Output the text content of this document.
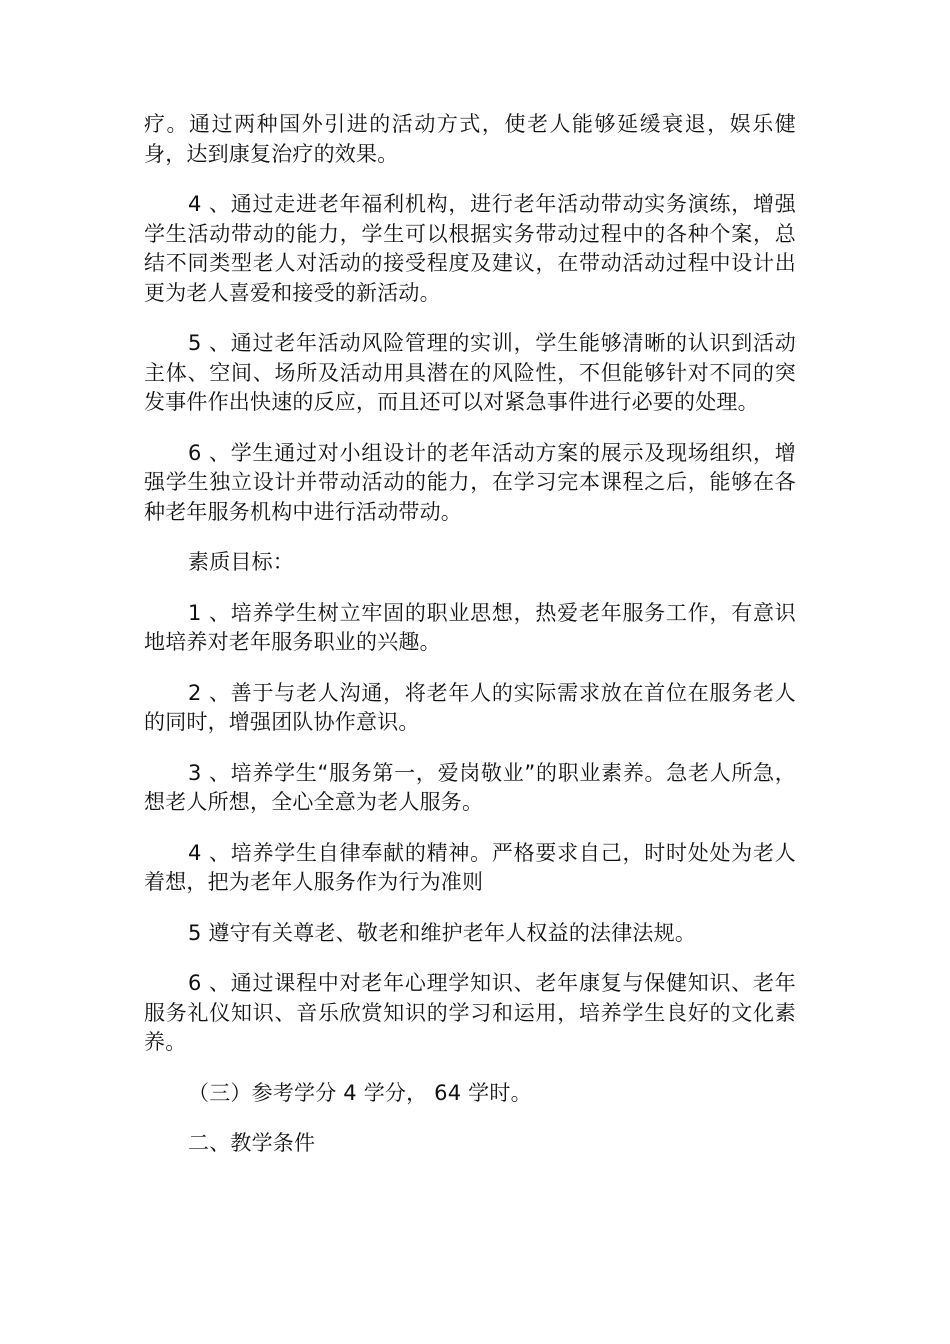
疗。通过两种国外引进的活动方式，使老人能够延缓衰退，娱乐健身，达到康复治疗的效果。

4 、通过走进老年福利机构，进行老年活动带动实务演练，增强学生活动带动的能力，学生可以根据实务带动过程中的各种个案，总结不同类型老人对活动的接受程度及建议，在带动活动过程中设计出更为老人喜爱和接受的新活动。

5 、通过老年活动风险管理的实训，学生能够清晰的认识到活动主体、空间、场所及活动用具潜在的风险性，不但能够针对不同的突发事件作出快速的反应，而且还可以对紧急事件进行必要的处理。

6 、学生通过对小组设计的老年活动方案的展示及现场组织，增强学生独立设计并带动活动的能力，在学习完本课程之后，能够在各种老年服务机构中进行活动带动。

素质目标：

1 、培养学生树立牢固的职业思想，热爱老年服务工作，有意识地培养对老年服务职业的兴趣。

2 、善于与老人沟通，将老年人的实际需求放在首位在服务老人的同时，增强团队协作意识。

3 、培养学生“服务第一，爱岗敬业”的职业素养。急老人所急，想老人所想，全心全意为老人服务。

4 、培养学生自律奉献的精神。严格要求自己，时时处处为老人着想，把为老年人服务作为行为准则

5 遵守有关尊老、敬老和维护老年人权益的法律法规。

6 、通过课程中对老年心理学知识、老年康复与保健知识、老年服务礼仪知识、音乐欣赏知识的学习和运用，培养学生良好的文化素养。

（三）参考学分 4 学分， 64 学时。

二、教学条件
